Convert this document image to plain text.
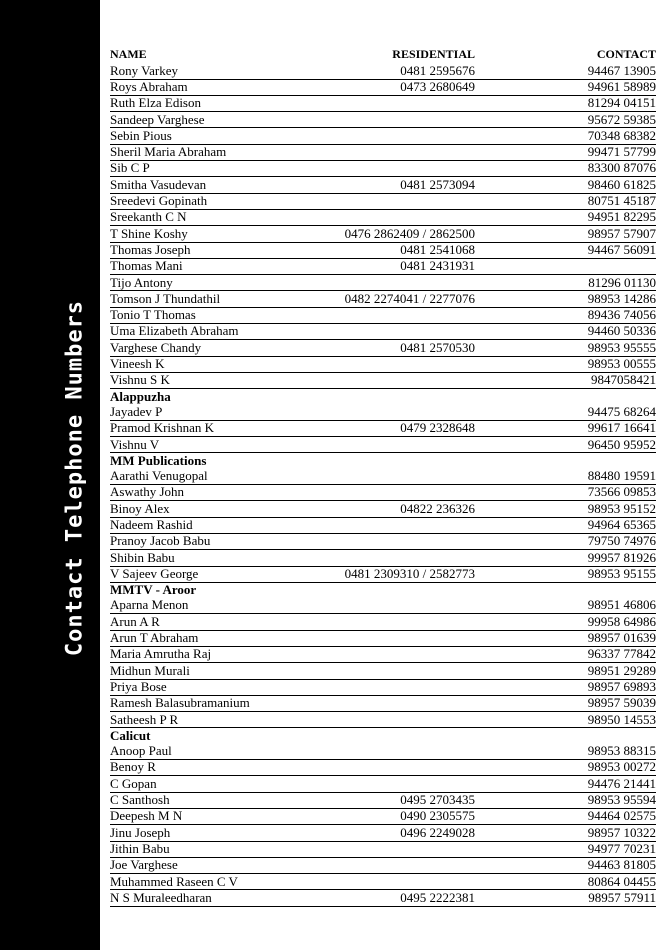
Contact Telephone Numbers
NAME	RESIDENTIAL	CONTACT
Rony Varkey	0481 2595676	94467 13905
Roys Abraham	0473 2680649	94961 58989
Ruth Elza Edison		81294 04151
Sandeep Varghese		95672 59385
Sebin Pious		70348 68382
Sheril Maria Abraham		99471 57799
Sib C P		83300 87076
Smitha Vasudevan	0481 2573094	98460 61825
Sreedevi Gopinath		80751 45187
Sreekanth C N		94951 82295
T Shine Koshy	0476 2862409 / 2862500	98957 57907
Thomas Joseph	0481 2541068	94467 56091
Thomas Mani	0481 2431931	
Tijo Antony		81296 01130
Tomson J Thundathil	0482 2274041 / 2277076	98953 14286
Tonio T Thomas		89436 74056
Uma Elizabeth Abraham		94460 50336
Varghese Chandy	0481 2570530	98953 95555
Vineesh K		98953 00555
Vishnu S K		9847058421
Alappuzha		
Jayadev P		94475 68264
Pramod Krishnan K	0479 2328648	99617 16641
Vishnu V		96450 95952
MM Publications		
Aarathi Venugopal		88480 19591
Aswathy John		73566 09853
Binoy Alex	04822 236326	98953 95152
Nadeem Rashid		94964 65365
Pranoy Jacob Babu		79750 74976
Shibin Babu		99957 81926
V Sajeev George	0481 2309310 / 2582773	98953 95155
MMTV - Aroor		
Aparna Menon		98951 46806
Arun A R		99958 64986
Arun T Abraham		98957 01639
Maria Amrutha Raj		96337 77842
Midhun Murali		98951 29289
Priya Bose		98957 69893
Ramesh Balasubramanium		98957 59039
Satheesh P R		98950 14553
Calicut		
Anoop Paul		98953 88315
Benoy R		98953 00272
C Gopan		94476 21441
C Santhosh	0495 2703435	98953 95594
Deepesh M N	0490 2305575	94464 02575
Jinu Joseph	0496 2249028	98957 10322
Jithin Babu		94977 70231
Joe Varghese		94463 81805
Muhammed Raseen C V		80864 04455
N S Muraleedharan	0495 2222381	98957 57911
